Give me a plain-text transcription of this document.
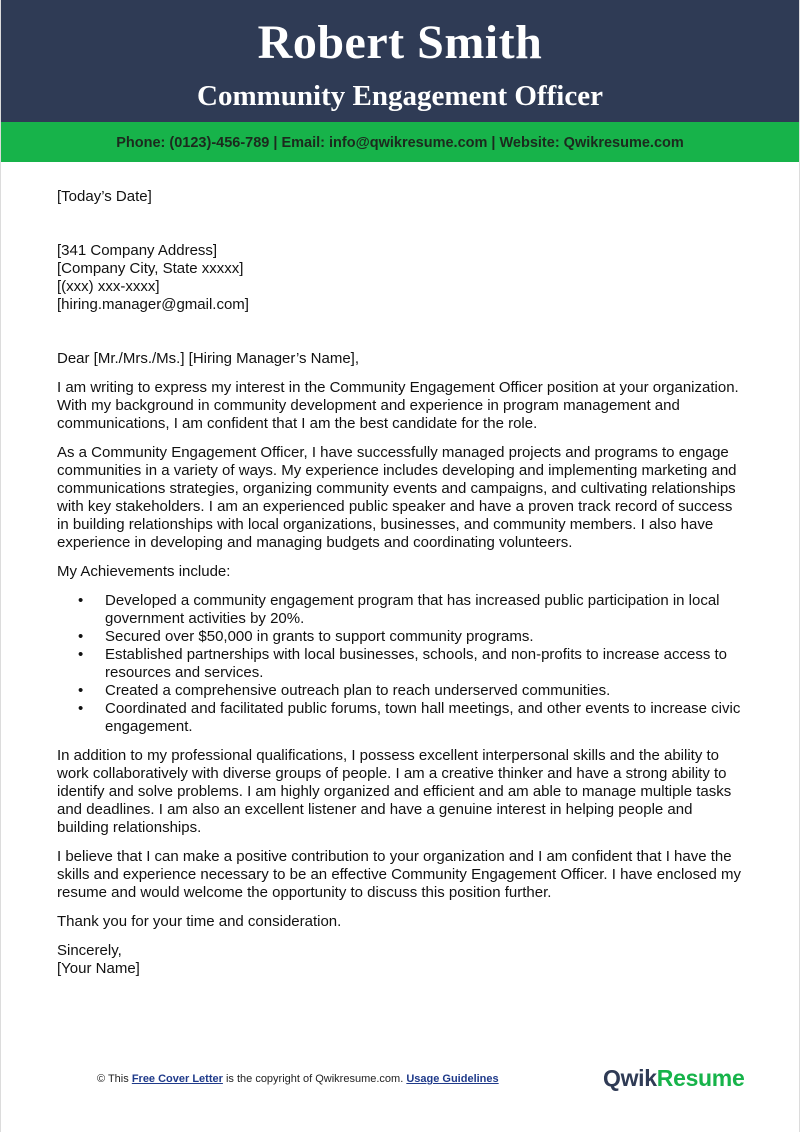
Robert Smith
Community Engagement Officer
Phone: (0123)-456-789 | Email: info@qwikresume.com | Website: Qwikresume.com
[Today’s Date]
[341 Company Address]
[Company City, State xxxxx]
[(xxx) xxx-xxxx]
[hiring.manager@gmail.com]

Dear [Mr./Mrs./Ms.] [Hiring Manager’s Name],

I am writing to express my interest in the Community Engagement Officer position at your organization. With my background in community development and experience in program management and communications, I am confident that I am the best candidate for the role.

As a Community Engagement Officer, I have successfully managed projects and programs to engage communities in a variety of ways. My experience includes developing and implementing marketing and communications strategies, organizing community events and campaigns, and cultivating relationships with key stakeholders. I am an experienced public speaker and have a proven track record of success in building relationships with local organizations, businesses, and community members. I also have experience in developing and managing budgets and coordinating volunteers.

My Achievements include:

• Developed a community engagement program that has increased public participation in local government activities by 20%.
• Secured over $50,000 in grants to support community programs.
• Established partnerships with local businesses, schools, and non-profits to increase access to resources and services.
• Created a comprehensive outreach plan to reach underserved communities.
• Coordinated and facilitated public forums, town hall meetings, and other events to increase civic engagement.

In addition to my professional qualifications, I possess excellent interpersonal skills and the ability to work collaboratively with diverse groups of people. I am a creative thinker and have a strong ability to identify and solve problems. I am highly organized and efficient and am able to manage multiple tasks and deadlines. I am also an excellent listener and have a genuine interest in helping people and building relationships.

I believe that I can make a positive contribution to your organization and I am confident that I have the skills and experience necessary to be an effective Community Engagement Officer. I have enclosed my resume and would welcome the opportunity to discuss this position further.

Thank you for your time and consideration.

Sincerely,
[Your Name]
© This Free Cover Letter is the copyright of Qwikresume.com. Usage Guidelines	QwikResume
